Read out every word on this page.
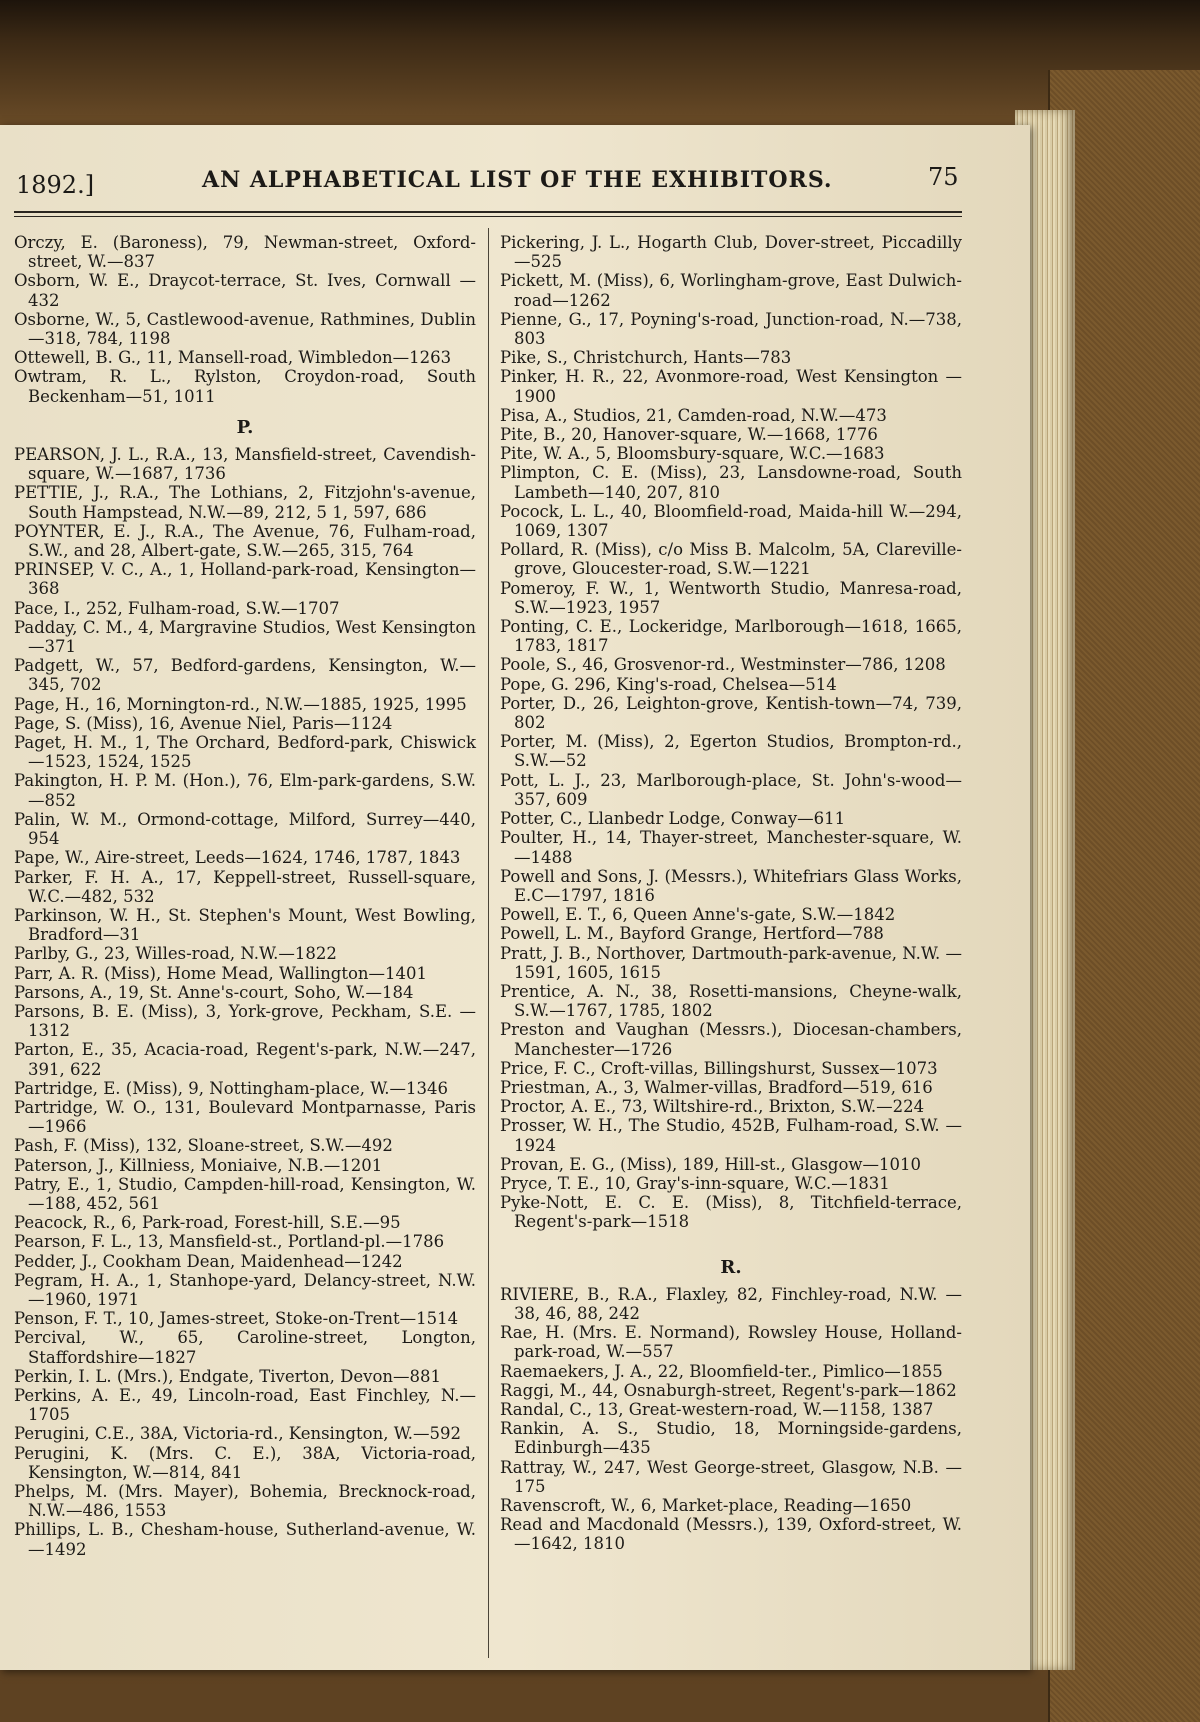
1892.]	AN ALPHABETICAL LIST OF THE EXHIBITORS.	75

Orczy, E. (Baroness), 79, Newman-street, Oxford-street, W.—837

Osborn, W. E., Draycot-terrace, St. Ives, Cornwall —432

Osborne, W., 5, Castlewood-avenue, Rathmines, Dublin—318, 784, 1198

Ottewell, B. G., 11, Mansell-road, Wimbledon—1263

Owtram, R. L., Rylston, Croydon-road, South Beckenham—51, 1011

P.

PEARSON, J. L., R.A., 13, Mansfield-street, Cavendish-square, W.—1687, 1736

PETTIE, J., R.A., The Lothians, 2, Fitzjohn's-avenue, South Hampstead, N.W.—89, 212, 5 1, 597, 686

POYNTER, E. J., R.A., The Avenue, 76, Fulham-road, S.W., and 28, Albert-gate, S.W.—265, 315, 764

PRINSEP, V. C., A., 1, Holland-park-road, Kensington—368

Pace, I., 252, Fulham-road, S.W.—1707

Padday, C. M., 4, Margravine Studios, West Kensington—371

Padgett, W., 57, Bedford-gardens, Kensington, W.—345, 702

Page, H., 16, Mornington-rd., N.W.—1885, 1925, 1995

Page, S. (Miss), 16, Avenue Niel, Paris—1124

Paget, H. M., 1, The Orchard, Bedford-park, Chiswick —1523, 1524, 1525

Pakington, H. P. M. (Hon.), 76, Elm-park-gardens, S.W.—852

Palin, W. M., Ormond-cottage, Milford, Surrey—440, 954

Pape, W., Aire-street, Leeds—1624, 1746, 1787, 1843

Parker, F. H. A., 17, Keppell-street, Russell-square, W.C.—482, 532

Parkinson, W. H., St. Stephen's Mount, West Bowling, Bradford—31

Parlby, G., 23, Willes-road, N.W.—1822

Parr, A. R. (Miss), Home Mead, Wallington—1401

Parsons, A., 19, St. Anne's-court, Soho, W.—184

Parsons, B. E. (Miss), 3, York-grove, Peckham, S.E. —1312

Parton, E., 35, Acacia-road, Regent's-park, N.W.—247, 391, 622

Partridge, E. (Miss), 9, Nottingham-place, W.—1346

Partridge, W. O., 131, Boulevard Montparnasse, Paris —1966

Pash, F. (Miss), 132, Sloane-street, S.W.—492

Paterson, J., Killniess, Moniaive, N.B.—1201

Patry, E., 1, Studio, Campden-hill-road, Kensington, W.—188, 452, 561

Peacock, R., 6, Park-road, Forest-hill, S.E.—95

Pearson, F. L., 13, Mansfield-st., Portland-pl.—1786

Pedder, J., Cookham Dean, Maidenhead—1242

Pegram, H. A., 1, Stanhope-yard, Delancy-street, N.W.—1960, 1971

Penson, F. T., 10, James-street, Stoke-on-Trent—1514

Percival, W., 65, Caroline-street, Longton, Staffordshire—1827

Perkin, I. L. (Mrs.), Endgate, Tiverton, Devon—881

Perkins, A. E., 49, Lincoln-road, East Finchley, N.—1705

Perugini, C.E., 38A, Victoria-rd., Kensington, W.—592

Perugini, K. (Mrs. C. E.), 38A, Victoria-road, Kensington, W.—814, 841

Phelps, M. (Mrs. Mayer), Bohemia, Brecknock-road, N.W.—486, 1553

Phillips, L. B., Chesham-house, Sutherland-avenue, W.—1492

Pickering, J. L., Hogarth Club, Dover-street, Piccadilly—525

Pickett, M. (Miss), 6, Worlingham-grove, East Dulwich-road—1262

Pienne, G., 17, Poyning's-road, Junction-road, N.—738, 803

Pike, S., Christchurch, Hants—783

Pinker, H. R., 22, Avonmore-road, West Kensington —1900

Pisa, A., Studios, 21, Camden-road, N.W.—473

Pite, B., 20, Hanover-square, W.—1668, 1776

Pite, W. A., 5, Bloomsbury-square, W.C.—1683

Plimpton, C. E. (Miss), 23, Lansdowne-road, South Lambeth—140, 207, 810

Pocock, L. L., 40, Bloomfield-road, Maida-hill W.—294, 1069, 1307

Pollard, R. (Miss), c/o Miss B. Malcolm, 5A, Clareville-grove, Gloucester-road, S.W.—1221

Pomeroy, F. W., 1, Wentworth Studio, Manresa-road, S.W.—1923, 1957

Ponting, C. E., Lockeridge, Marlborough—1618, 1665, 1783, 1817

Poole, S., 46, Grosvenor-rd., Westminster—786, 1208

Pope, G. 296, King's-road, Chelsea—514

Porter, D., 26, Leighton-grove, Kentish-town—74, 739, 802

Porter, M. (Miss), 2, Egerton Studios, Brompton-rd., S.W.—52

Pott, L. J., 23, Marlborough-place, St. John's-wood—357, 609

Potter, C., Llanbedr Lodge, Conway—611

Poulter, H., 14, Thayer-street, Manchester-square, W.—1488

Powell and Sons, J. (Messrs.), Whitefriars Glass Works, E.C—1797, 1816

Powell, E. T., 6, Queen Anne's-gate, S.W.—1842

Powell, L. M., Bayford Grange, Hertford—788

Pratt, J. B., Northover, Dartmouth-park-avenue, N.W. —1591, 1605, 1615

Prentice, A. N., 38, Rosetti-mansions, Cheyne-walk, S.W.—1767, 1785, 1802

Preston and Vaughan (Messrs.), Diocesan-chambers, Manchester—1726

Price, F. C., Croft-villas, Billingshurst, Sussex—1073

Priestman, A., 3, Walmer-villas, Bradford—519, 616

Proctor, A. E., 73, Wiltshire-rd., Brixton, S.W.—224

Prosser, W. H., The Studio, 452B, Fulham-road, S.W. —1924

Provan, E. G., (Miss), 189, Hill-st., Glasgow—1010

Pryce, T. E., 10, Gray's-inn-square, W.C.—1831

Pyke-Nott, E. C. E. (Miss), 8, Titchfield-terrace, Regent's-park—1518

R.

RIVIERE, B., R.A., Flaxley, 82, Finchley-road, N.W. —38, 46, 88, 242

Rae, H. (Mrs. E. Normand), Rowsley House, Holland-park-road, W.—557

Raemaekers, J. A., 22, Bloomfield-ter., Pimlico—1855

Raggi, M., 44, Osnaburgh-street, Regent's-park—1862

Randal, C., 13, Great-western-road, W.—1158, 1387

Rankin, A. S., Studio, 18, Morningside-gardens, Edinburgh—435

Rattray, W., 247, West George-street, Glasgow, N.B. —175

Ravenscroft, W., 6, Market-place, Reading—1650

Read and Macdonald (Messrs.), 139, Oxford-street, W. —1642, 1810
